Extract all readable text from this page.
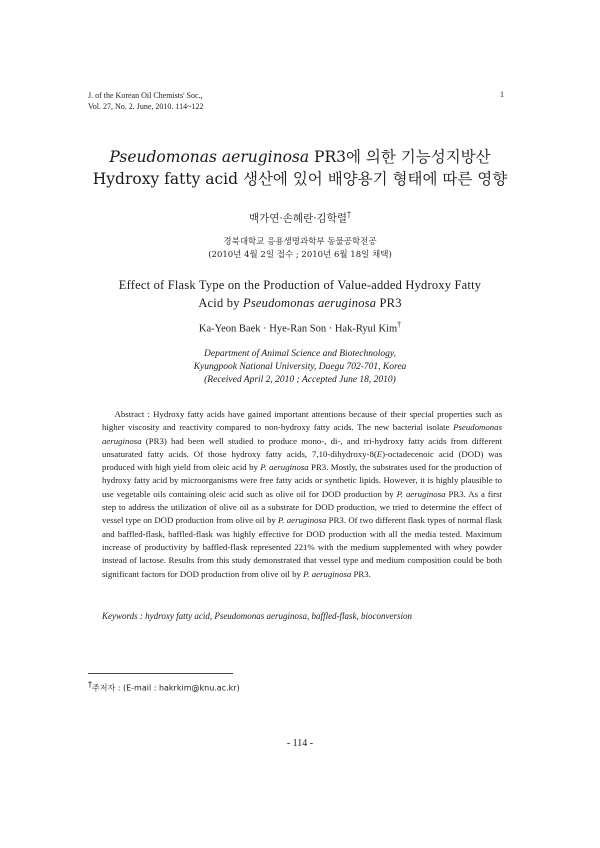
J. of the Korean Oil Chemists' Soc.,
Vol. 27, No. 2. June, 2010. 114~122
1
Pseudomonas aeruginosa PR3에 의한 기능성지방산
Hydroxy fatty acid 생산에 있어 배양용기 형태에 따른 영향
백가연·손혜란·김학렬†
경북대학교 응용생명과학부 동물공학전공
(2010년 4월 2일 접수 ; 2010년 6월 18일 채택)
Effect of Flask Type on the Production of Value-added Hydroxy Fatty
Acid by Pseudomonas aeruginosa PR3
Ka-Yeon Baek · Hye-Ran Son · Hak-Ryul Kim†
Department of Animal Science and Biotechnology,
Kyungpook National University, Daegu 702-701, Korea
(Received April 2, 2010 ; Accepted June 18, 2010)
Abstract : Hydroxy fatty acids have gained important attentions because of their special properties such as higher viscosity and reactivity compared to non-hydroxy fatty acids. The new bacterial isolate Pseudomonas aeruginosa (PR3) had been well studied to produce mono-, di-, and tri-hydroxy fatty acids from different unsaturated fatty acids. Of those hydroxy fatty acids, 7,10-dihydroxy-8(E)-octadecenoic acid (DOD) was produced with high yield from oleic acid by P. aeruginosa PR3. Mostly, the substrates used for the production of hydroxy fatty acid by microorganisms were free fatty acids or synthetic lipids. However, it is highly plausible to use vegetable oils containing oleic acid such as olive oil for DOD production by P. aeruginosa PR3. As a first step to address the utilization of olive oil as a substrate for DOD production, we tried to determine the effect of vessel type on DOD production from olive oil by P. aeruginosa PR3. Of two different flask types of normal flask and baffled-flask, baffled-flask was highly effective for DOD production with all the media tested. Maximum increase of productivity by baffled-flask represented 221% with the medium supplemented with whey powder instead of lactose. Results from this study demonstrated that vessel type and medium composition could be both significant factors for DOD production from olive oil by P. aeruginosa PR3.
Keywords : hydroxy fatty acid, Pseudomonas aeruginosa, baffled-flask, bioconversion
†주저자 : (E-mail : hakrkim@knu.ac.kr)
- 114 -
